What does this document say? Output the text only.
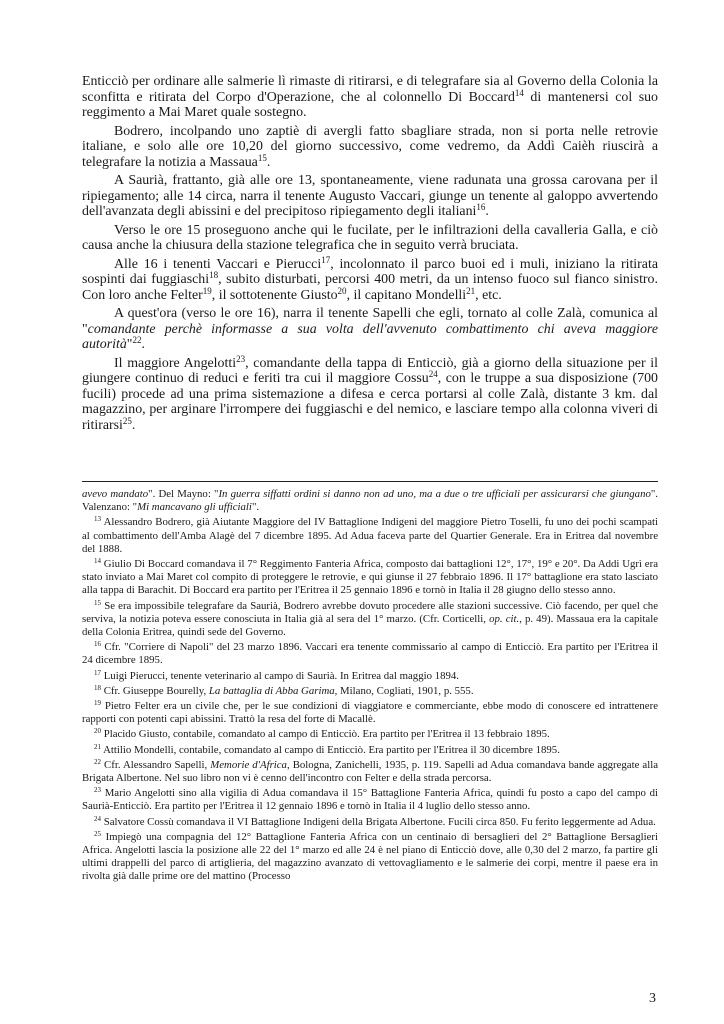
Enticciò per ordinare alle salmerie lì rimaste di ritirarsi, e di telegrafare sia al Governo della Colonia la sconfitta e ritirata del Corpo d'Operazione, che al colonnello Di Boccard$^{14}$ di mantenersi col suo reggimento a Mai Maret quale sostegno.

Bodrero, incolpando uno zaptiè di avergli fatto sbagliare strada, non si porta nelle retrovie italiane, e solo alle ore 10,20 del giorno successivo, come vedremo, da Addì Caièh riuscirà a telegrafare la notizia a Massaua$^{15}$.

A Saurià, frattanto, già alle ore 13, spontaneamente, viene radunata una grossa carovana per il ripiegamento; alle 14 circa, narra il tenente Augusto Vaccari, giunge un tenente al galoppo avvertendo dell'avanzata degli abissini e del precipitoso ripiegamento degli italiani$^{16}$.

Verso le ore 15 proseguono anche qui le fucilate, per le infiltrazioni della cavalleria Galla, e ciò causa anche la chiusura della stazione telegrafica che in seguito verrà bruciata.

Alle 16 i tenenti Vaccari e Pierucci$^{17}$, incolonnato il parco buoi ed i muli, iniziano la ritirata sospinti dai fuggiaschi$^{18}$, subito disturbati, percorsi 400 metri, da un intenso fuoco sul fianco sinistro. Con loro anche Felter$^{19}$, il sottotenente Giusto$^{20}$, il capitano Mondelli$^{21}$, etc.

A quest'ora (verso le ore 16), narra il tenente Sapelli che egli, tornato al colle Zalà, comunica al "comandante perchè informasse a sua volta dell'avvenuto combattimento chi aveva maggiore autorità"$^{22}$.

Il maggiore Angelotti$^{23}$, comandante della tappa di Enticciò, già a giorno della situazione per il giungere continuo di reduci e feriti tra cui il maggiore Cossu$^{24}$, con le truppe a sua disposizione (700 fucili) procede ad una prima sistemazione a difesa e cerca portarsi al colle Zalà, distante 3 km. dal magazzino, per arginare l'irrompere dei fuggiaschi e del nemico, e lasciare tempo alla colonna viveri di ritirarsi$^{25}$.

avevo mandato". Del Mayno: "In guerra siffatti ordini si danno non ad uno, ma a due o tre ufficiali per assicurarsi che giungano". Valenzano: "Mi mancavano gli ufficiali".

$^{13}$ Alessandro Bodrero, già Aiutante Maggiore del IV Battaglione Indigeni del maggiore Pietro Toselli, fu uno dei pochi scampati al combattimento dell'Amba Alagè del 7 dicembre 1895. Ad Adua faceva parte del Quartier Generale. Era in Eritrea dal novembre del 1888.

$^{14}$ Giulio Di Boccard comandava il 7° Reggimento Fanteria Africa, composto dai battaglioni 12°, 17°, 19° e 20°. Da Addi Ugrì era stato inviato a Mai Maret col compito di proteggere le retrovie, e qui giunse il 27 febbraio 1896. Il 17° battaglione era stato lasciato alla tappa di Barachit. Di Boccard era partito per l'Eritrea il 25 gennaio 1896 e tornò in Italia il 28 giugno dello stesso anno.

$^{15}$ Se era impossibile telegrafare da Saurià, Bodrero avrebbe dovuto procedere alle stazioni successive. Ciò facendo, per quel che serviva, la notizia poteva essere conosciuta in Italia già al sera del 1° marzo. (Cfr. Corticelli, op. cit., p. 49). Massaua era la capitale della Colonia Eritrea, quindi sede del Governo.

$^{16}$ Cfr. "Corriere di Napoli" del 23 marzo 1896. Vaccari era tenente commissario al campo di Enticciò. Era partito per l'Eritrea il 24 dicembre 1895.

$^{17}$ Luigi Pierucci, tenente veterinario al campo di Saurià. In Eritrea dal maggio 1894.

$^{18}$ Cfr. Giuseppe Bourelly, La battaglia di Abba Garima, Milano, Cogliati, 1901, p. 555.

$^{19}$ Pietro Felter era un civile che, per le sue condizioni di viaggiatore e commerciante, ebbe modo di conoscere ed intrattenere rapporti con potenti capi abissini. Trattò la resa del forte di Macallè.

$^{20}$ Placido Giusto, contabile, comandato al campo di Enticciò. Era partito per l'Eritrea il 13 febbraio 1895.

$^{21}$ Attilio Mondelli, contabile, comandato al campo di Enticciò. Era partito per l'Eritrea il 30 dicembre 1895.

$^{22}$ Cfr. Alessandro Sapelli, Memorie d'Africa, Bologna, Zanichelli, 1935, p. 119. Sapelli ad Adua comandava bande aggregate alla Brigata Albertone. Nel suo libro non vi è cenno dell'incontro con Felter e della strada percorsa.

$^{23}$ Mario Angelotti sino alla vigilia di Adua comandava il 15° Battaglione Fanteria Africa, quindi fu posto a capo del campo di Saurià-Enticciò. Era partito per l'Eritrea il 12 gennaio 1896 e tornò in Italia il 4 luglio dello stesso anno.

$^{24}$ Salvatore Cossù comandava il VI Battaglione Indigeni della Brigata Albertone. Fucili circa 850. Fu ferito leggermente ad Adua.

$^{25}$ Impiegò una compagnia del 12° Battaglione Fanteria Africa con un centinaio di bersaglieri del 2° Battaglione Bersaglieri Africa. Angelotti lascia la posizione alle 22 del 1° marzo ed alle 24 è nel piano di Enticciò dove, alle 0,30 del 2 marzo, fa partire gli ultimi drappelli del parco di artiglieria, del magazzino avanzato di vettovagliamento e le salmerie dei corpi, mentre il paese era in rivolta già dalle prime ore del mattino (Processo

3
